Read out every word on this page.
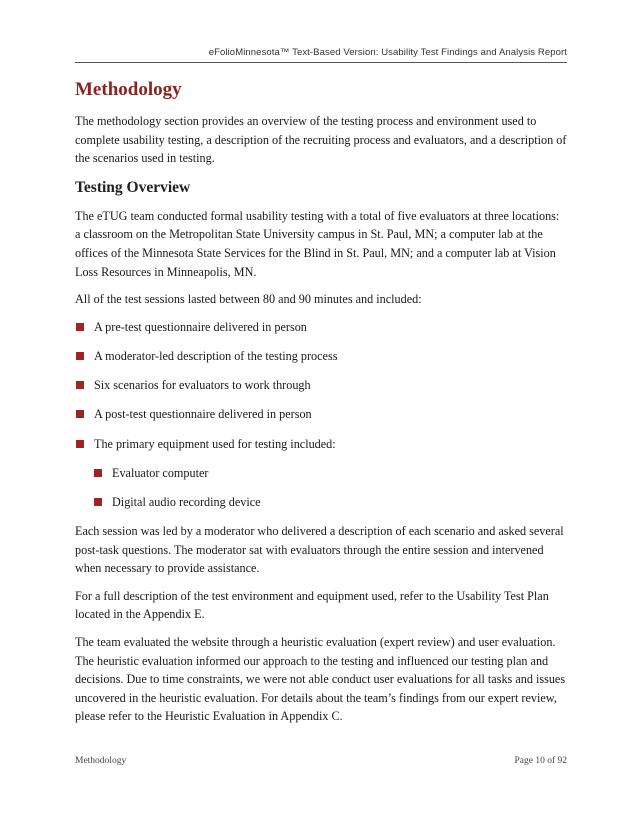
eFolioMinnesota™ Text-Based Version: Usability Test Findings and Analysis Report
Methodology

The methodology section provides an overview of the testing process and environment used to complete usability testing, a description of the recruiting process and evaluators, and a description of the scenarios used in testing.

Testing Overview

The eTUG team conducted formal usability testing with a total of five evaluators at three locations: a classroom on the Metropolitan State University campus in St. Paul, MN; a computer lab at the offices of the Minnesota State Services for the Blind in St. Paul, MN; and a computer lab at Vision Loss Resources in Minneapolis, MN.

All of the test sessions lasted between 80 and 90 minutes and included:

A pre-test questionnaire delivered in person
A moderator-led description of the testing process
Six scenarios for evaluators to work through
A post-test questionnaire delivered in person
The primary equipment used for testing included:
Evaluator computer
Digital audio recording device

Each session was led by a moderator who delivered a description of each scenario and asked several post-task questions. The moderator sat with evaluators through the entire session and intervened when necessary to provide assistance.

For a full description of the test environment and equipment used, refer to the Usability Test Plan located in the Appendix E.

The team evaluated the website through a heuristic evaluation (expert review) and user evaluation. The heuristic evaluation informed our approach to the testing and influenced our testing plan and decisions. Due to time constraints, we were not able conduct user evaluations for all tasks and issues uncovered in the heuristic evaluation. For details about the team’s findings from our expert review, please refer to the Heuristic Evaluation in Appendix C.

Methodology	Page 10 of 92
